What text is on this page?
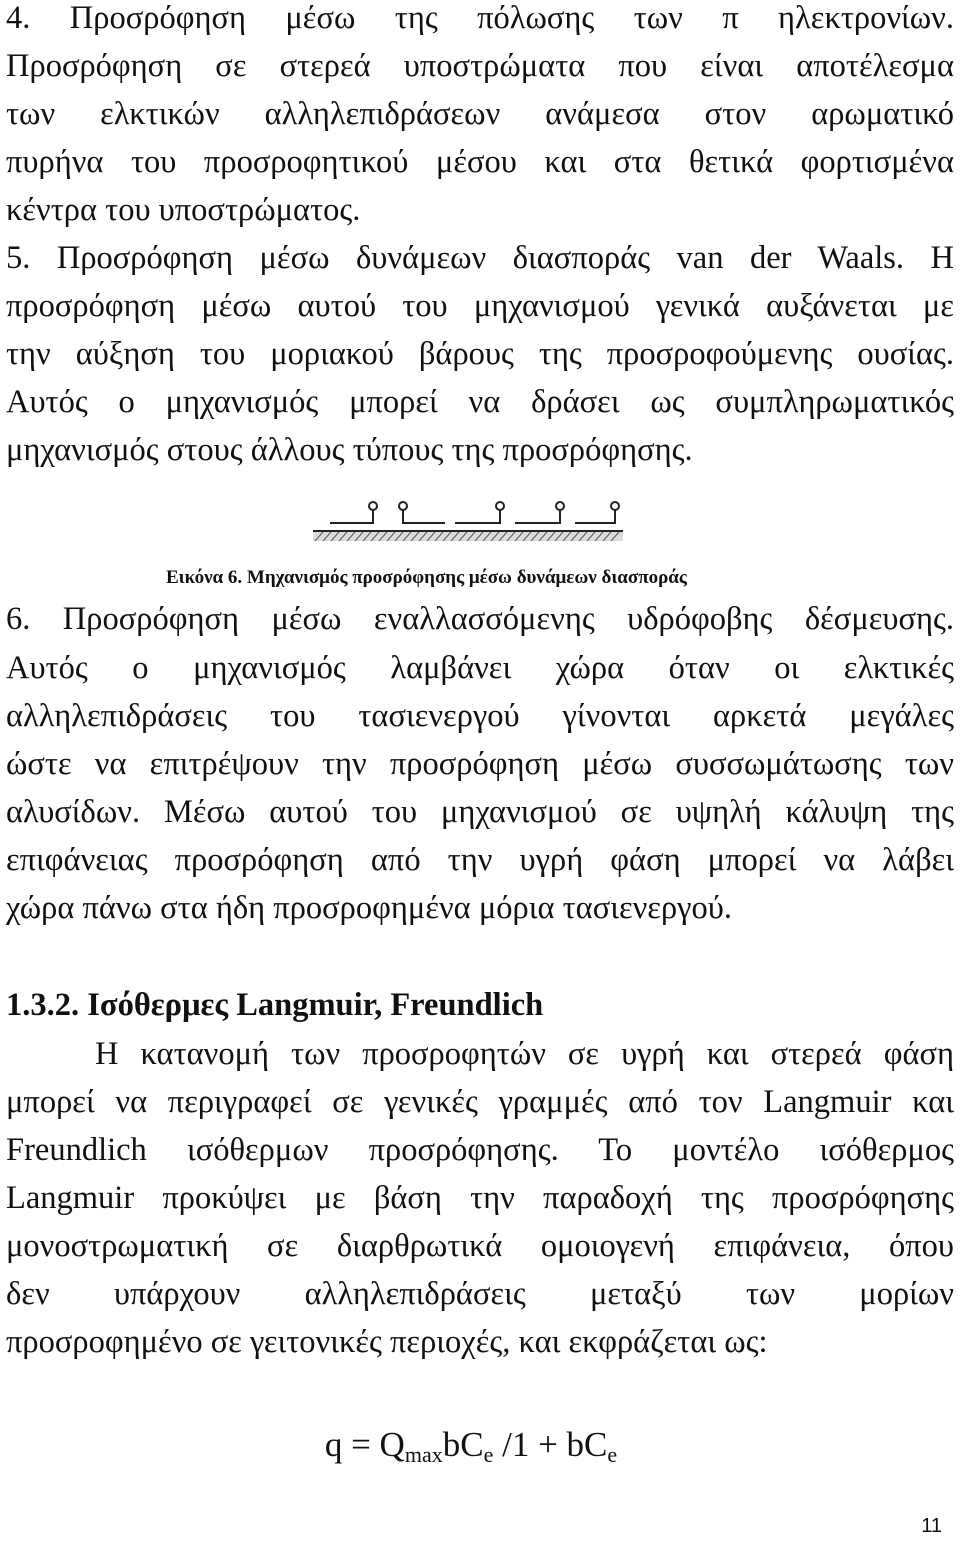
4. Προσρόφηση μέσω της πόλωσης των π ηλεκτρονίων.

Προσρόφηση σε στερεά υποστρώματα που είναι αποτέλεσμα

των ελκτικών αλληλεπιδράσεων ανάμεσα στον αρωματικό

πυρήνα του προσροφητικού μέσου και στα θετικά φορτισμένα

κέντρα του υποστρώματος.

5. Προσρόφηση μέσω δυνάμεων διασποράς van der Waals. Η

προσρόφηση μέσω αυτού του μηχανισμού γενικά αυξάνεται με

την αύξηση του μοριακού βάρους της προσροφούμενης ουσίας.

Αυτός ο μηχανισμός μπορεί να δράσει ως συμπληρωματικός

μηχανισμός στους άλλους τύπους της προσρόφησης.

Εικόνα 6. Μηχανισμός προσρόφησης μέσω δυνάμεων διασποράς

6. Προσρόφηση μέσω εναλλασσόμενης υδρόφοβης δέσμευσης.

Αυτός ο μηχανισμός λαμβάνει χώρα όταν οι ελκτικές

αλληλεπιδράσεις του τασιενεργού γίνονται αρκετά μεγάλες

ώστε να επιτρέψουν την προσρόφηση μέσω συσσωμάτωσης των

αλυσίδων. Μέσω αυτού του μηχανισμού σε υψηλή κάλυψη της

επιφάνειας προσρόφηση από την υγρή φάση μπορεί να λάβει

χώρα πάνω στα ήδη προσροφημένα μόρια τασιενεργού.

1.3.2. Ισόθερμες Langmuir, Freundlich

Η κατανομή των προσροφητών σε υγρή και στερεά φάση

μπορεί να περιγραφεί σε γενικές γραμμές από τον Langmuir και

Freundlich ισόθερμων προσρόφησης. Το μοντέλο ισόθερμος

Langmuir προκύψει με βάση την παραδοχή της προσρόφησης

μονοστρωματική σε διαρθρωτικά ομοιογενή επιφάνεια, όπου

δεν υπάρχουν αλληλεπιδράσεις μεταξύ των μορίων

προσροφημένο σε γειτονικές περιοχές, και εκφράζεται ως:

$q = Q_{max}bC_e$ $/1 + bC_e$

11
